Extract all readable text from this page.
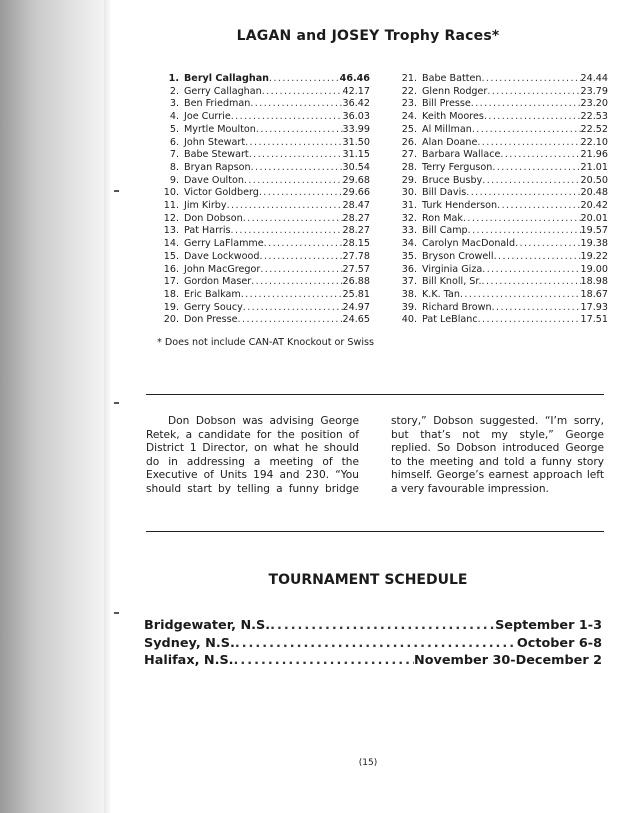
LAGAN and JOSEY Trophy Races*
1. Beryl Callaghan .....	46.46
2. Gerry Callaghan .....	42.17
3. Ben Friedman .....	36.42
4. Joe Currie .....	36.03
5. Myrtle Moulton .....	33.99
6. John Stewart .....	31.50
7. Babe Stewart .....	31.15
8. Bryan Rapson .....	30.54
9. Dave Oulton .....	29.68
10. Victor Goldberg .....	29.66
11. Jim Kirby .....	28.47
12. Don Dobson .....	28.27
13. Pat Harris .....	28.27
14. Gerry LaFlamme .....	28.15
15. Dave Lockwood .....	27.78
16. John MacGregor .....	27.57
17. Gordon Maser .....	26.88
18. Eric Balkam .....	25.81
19. Gerry Soucy .....	24.97
20. Don Presse .....	24.65
21. Babe Batten .....	24.44
22. Glenn Rodger .....	23.79
23. Bill Presse .....	23.20
24. Keith Moores .....	22.53
25. Al Millman .....	22.52
26. Alan Doane .....	22.10
27. Barbara Wallace .....	21.96
28. Terry Ferguson .....	21.01
29. Bruce Busby .....	20.50
30. Bill Davis .....	20.48
31. Turk Henderson .....	20.42
32. Ron Mak .....	20.01
33. Bill Camp .....	19.57
34. Carolyn MacDonald .....	19.38
35. Bryson Crowell .....	19.22
36. Virginia Giza .....	19.00
37. Bill Knoll, Sr. .....	18.98
38. K.K. Tan .....	18.67
39. Richard Brown .....	17.93
40. Pat LeBlanc .....	17.51
* Does not include CAN-AT Knockout or Swiss

Don Dobson was advising George Retek, a candidate for the position of District 1 Director, on what he should do in addressing a meeting of the Executive of Units 194 and 230. “You should start by telling a funny bridge story,” Dobson suggested. “I’m sorry, but that’s not my style,” George replied. So Dobson introduced George to the meeting and told a funny story himself. George’s earnest approach left a very favourable impression.

TOURNAMENT SCHEDULE
Bridgewater, N.S. .....	September 1-3
Sydney, N.S. .....	October 6-8
Halifax, N.S. .....	November 30-December 2
(15)
